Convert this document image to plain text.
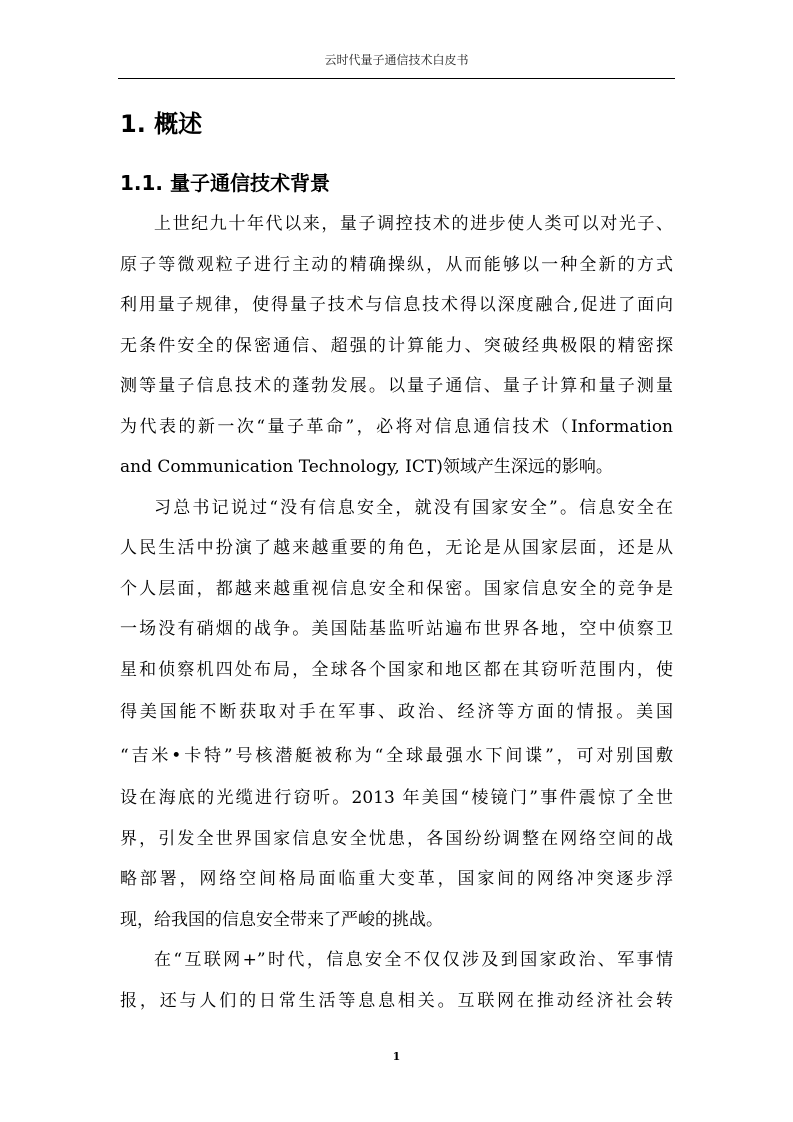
云时代量子通信技术白皮书
1. 概述
1.1. 量子通信技术背景

上世纪九十年代以来，量子调控技术的进步使人类可以对光子、
原子等微观粒子进行主动的精确操纵，从而能够以一种全新的方式
利用量子规律，使得量子技术与信息技术得以深度融合,促进了面向
无条件安全的保密通信、超强的计算能力、突破经典极限的精密探
测等量子信息技术的蓬勃发展。以量子通信、量子计算和量子测量
为代表的新一次“量子革命”，必将对信息通信技术（Information
and Communication Technology, ICT)领域产生深远的影响。

习总书记说过“没有信息安全，就没有国家安全”。信息安全在
人民生活中扮演了越来越重要的角色，无论是从国家层面，还是从
个人层面，都越来越重视信息安全和保密。国家信息安全的竞争是
一场没有硝烟的战争。美国陆基监听站遍布世界各地，空中侦察卫
星和侦察机四处布局，全球各个国家和地区都在其窃听范围内，使
得美国能不断获取对手在军事、政治、经济等方面的情报。美国
“吉米•卡特”号核潜艇被称为“全球最强水下间谍”，可对别国敷
设在海底的光缆进行窃听。2013 年美国“棱镜门”事件震惊了全世
界，引发全世界国家信息安全忧患，各国纷纷调整在网络空间的战
略部署，网络空间格局面临重大变革，国家间的网络冲突逐步浮
现，给我国的信息安全带来了严峻的挑战。

在“互联网+”时代，信息安全不仅仅涉及到国家政治、军事情
报，还与人们的日常生活等息息相关。互联网在推动经济社会转

1
